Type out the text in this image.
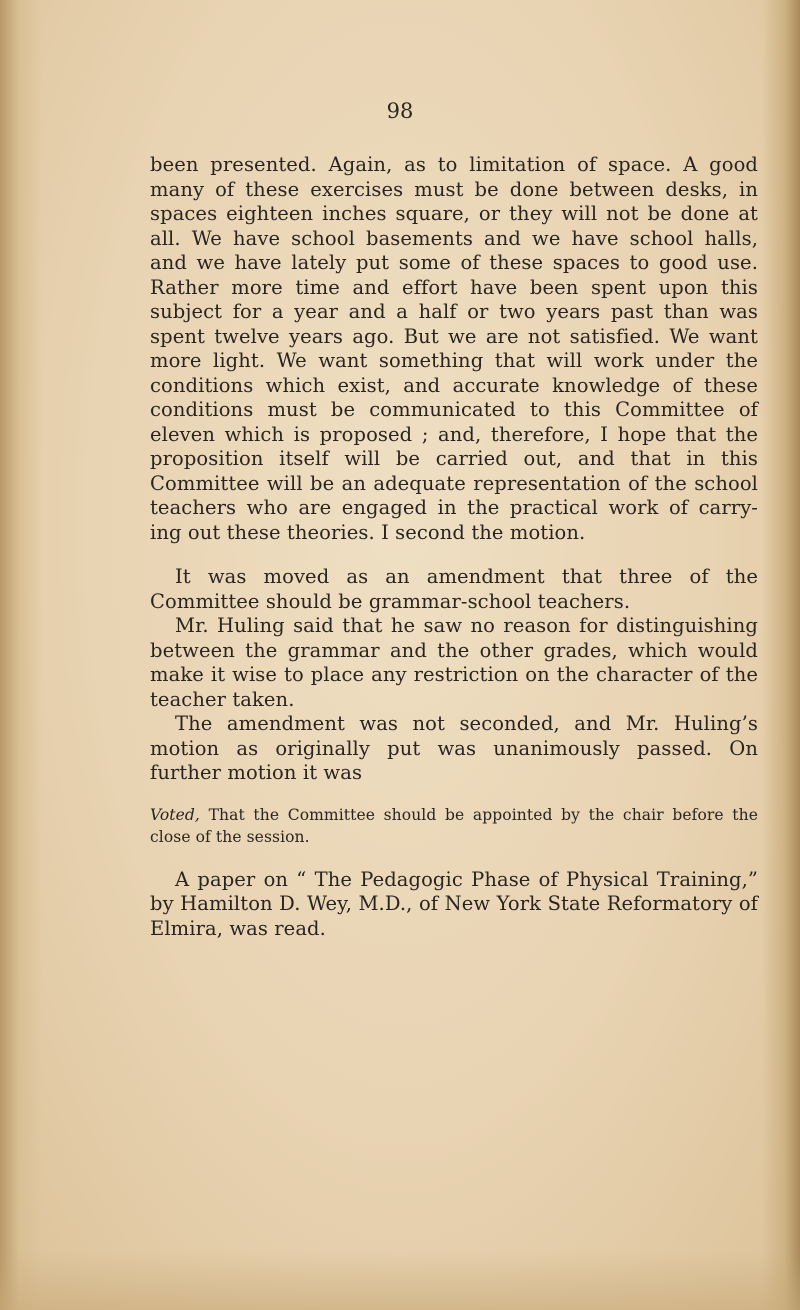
98

been presented. Again, as to limitation of space. A good many of these exercises must be done between desks, in spaces eighteen inches square, or they will not be done at all. We have school basements and we have school halls, and we have lately put some of these spaces to good use. Rather more time and effort have been spent upon this subject for a year and a half or two years past than was spent twelve years ago. But we are not satisfied. We want more light. We want something that will work under the conditions which exist, and accurate knowledge of these conditions must be communicated to this Committee of eleven which is proposed ; and, therefore, I hope that the proposition itself will be carried out, and that in this Committee will be an adequate representation of the school teachers who are engaged in the practical work of carry- ing out these theories. I second the motion.

It was moved as an amendment that three of the Committee should be grammar-school teachers.

Mr. Huling said that he saw no reason for distinguishing between the grammar and the other grades, which would make it wise to place any restriction on the character of the teacher taken.

The amendment was not seconded, and Mr. Huling’s motion as originally put was unanimously passed. On further motion it was

Voted, That the Committee should be appointed by the chair before the close of the session.

A paper on “ The Pedagogic Phase of Physical Training,” by Hamilton D. Wey, M.D., of New York State Reformatory of Elmira, was read.
